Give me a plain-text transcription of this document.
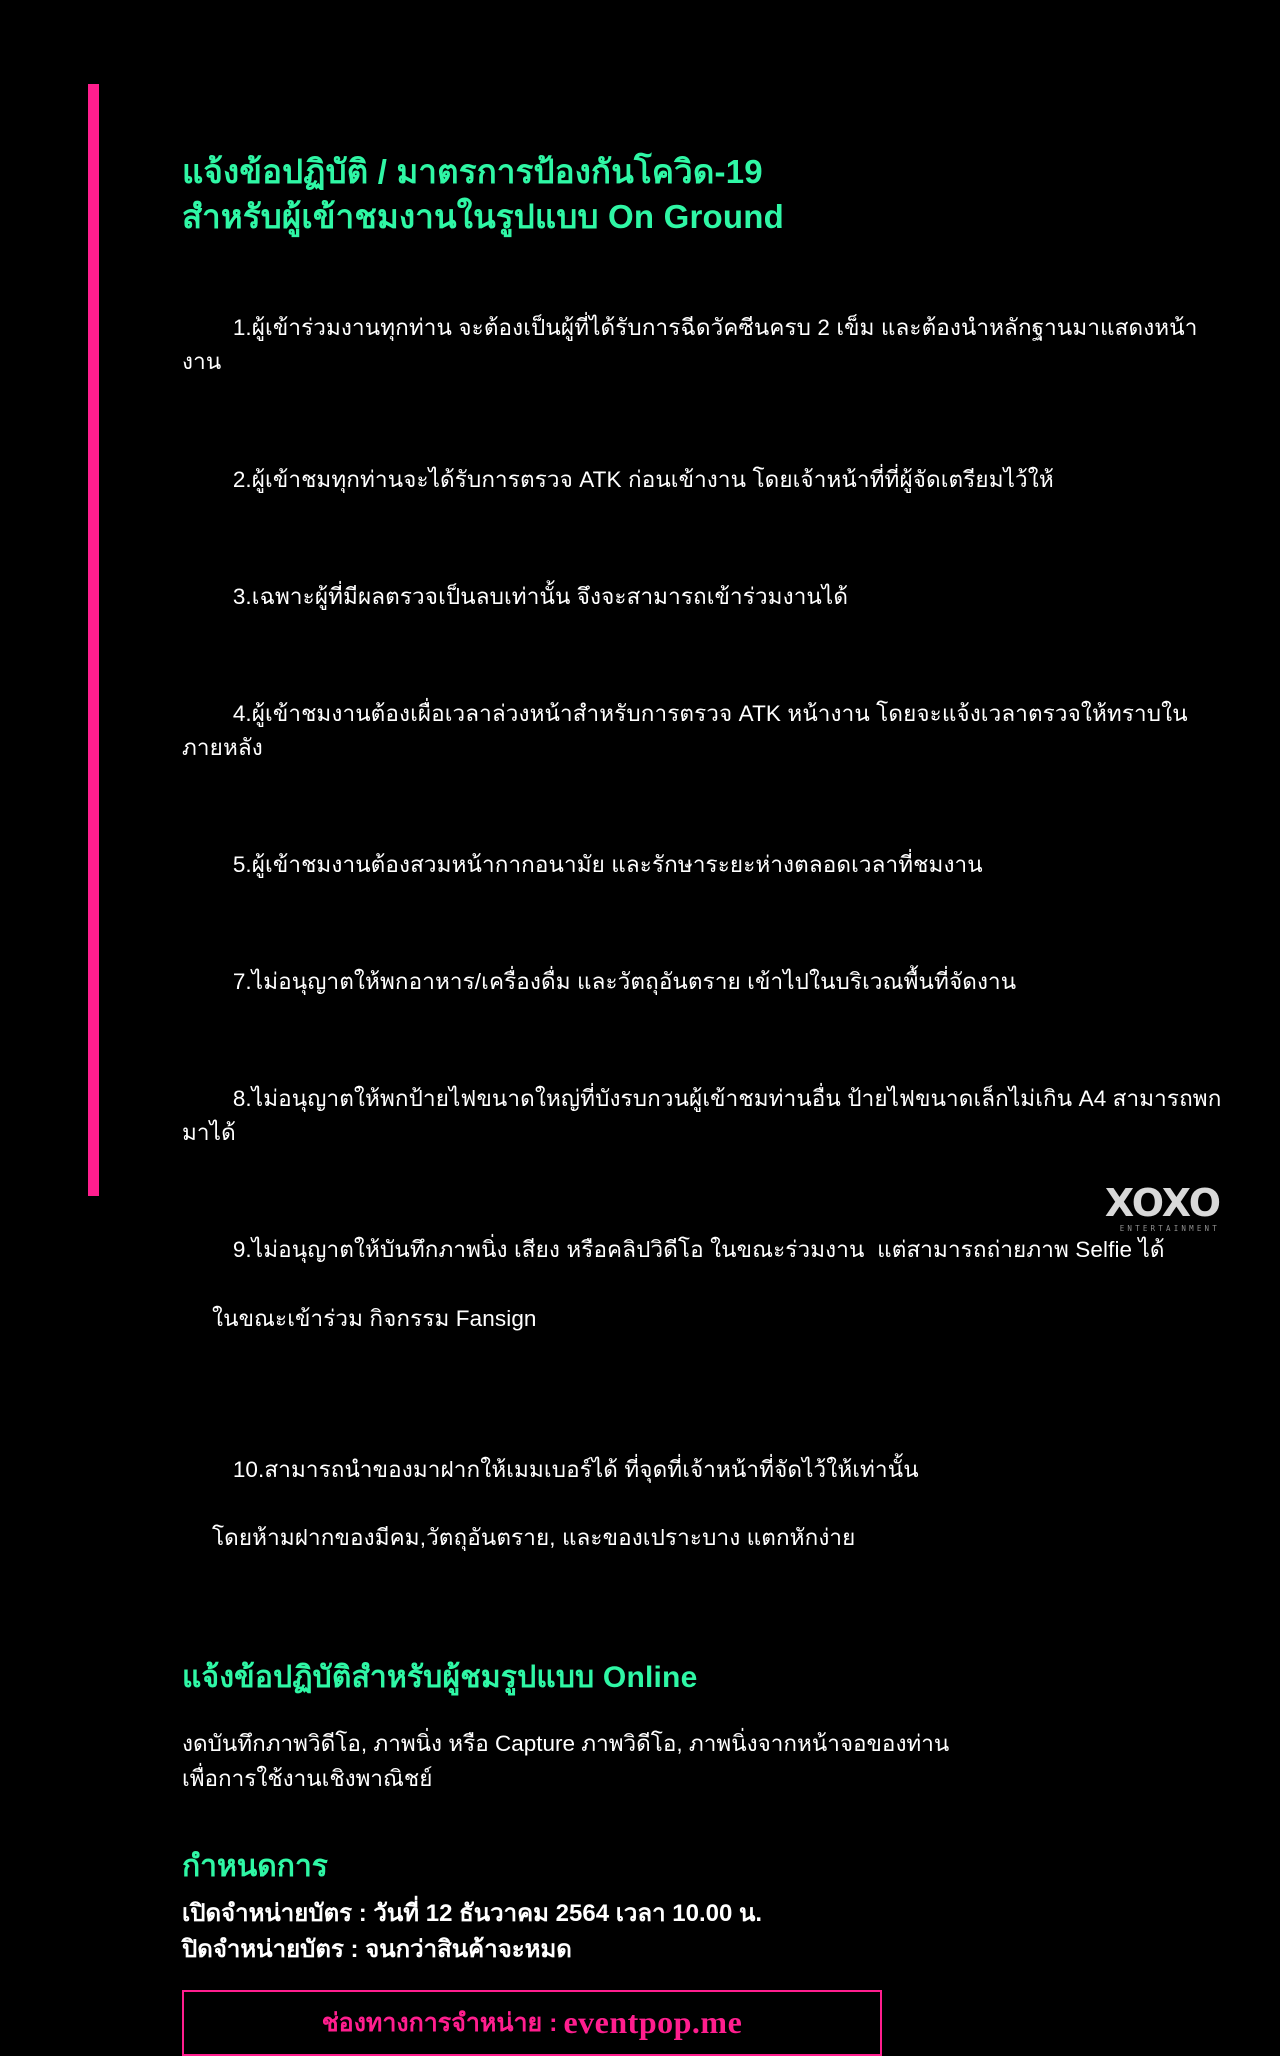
แจ้งข้อปฏิบัติ / มาตรการป้องกันโควิด-19
สำหรับผู้เข้าชมงานในรูปแบบ On Ground

1.ผู้เข้าร่วมงานทุกท่าน จะต้องเป็นผู้ที่ได้รับการฉีดวัคซีนครบ 2 เข็ม และต้องนำหลักฐานมาแสดงหน้างาน

2.ผู้เข้าชมทุกท่านจะได้รับการตรวจ ATK ก่อนเข้างาน โดยเจ้าหน้าที่ที่ผู้จัดเตรียมไว้ให้

3.เฉพาะผู้ที่มีผลตรวจเป็นลบเท่านั้น จึงจะสามารถเข้าร่วมงานได้

4.ผู้เข้าชมงานต้องเผื่อเวลาล่วงหน้าสำหรับการตรวจ ATK หน้างาน โดยจะแจ้งเวลาตรวจให้ทราบในภายหลัง

5.ผู้เข้าชมงานต้องสวมหน้ากากอนามัย และรักษาระยะห่างตลอดเวลาที่ชมงาน

7.ไม่อนุญาตให้พกอาหาร/เครื่องดื่ม และวัตถุอันตราย เข้าไปในบริเวณพื้นที่จัดงาน

8.ไม่อนุญาตให้พกป้ายไฟขนาดใหญ่ที่บังรบกวนผู้เข้าชมท่านอื่น ป้ายไฟขนาดเล็กไม่เกิน A4 สามารถพกมาได้

9.ไม่อนุญาตให้บันทึกภาพนิ่ง เสียง หรือคลิปวิดีโอ ในขณะร่วมงาน  แต่สามารถถ่ายภาพ Selfie ได้

ในขณะเข้าร่วม กิจกรรม Fansign

10.สามารถนำของมาฝากให้เมมเบอร์ได้ ที่จุดที่เจ้าหน้าที่จัดไว้ให้เท่านั้น

โดยห้ามฝากของมีคม,วัตถุอันตราย, และของเปราะบาง แตกหักง่าย

แจ้งข้อปฏิบัติสำหรับผู้ชมรูปแบบ Online
งดบันทึกภาพวิดีโอ, ภาพนิ่ง หรือ Capture ภาพวิดีโอ, ภาพนิ่งจากหน้าจอของท่าน
เพื่อการใช้งานเชิงพาณิชย์
กำหนดการ
เปิดจำหน่ายบัตร : วันที่ 12 ธันวาคม 2564 เวลา 10.00 น.
ปิดจำหน่ายบัตร : จนกว่าสินค้าจะหมด
ช่องทางการจำหน่าย : eventpop.me
XOXO
ENTERTAINMENT
